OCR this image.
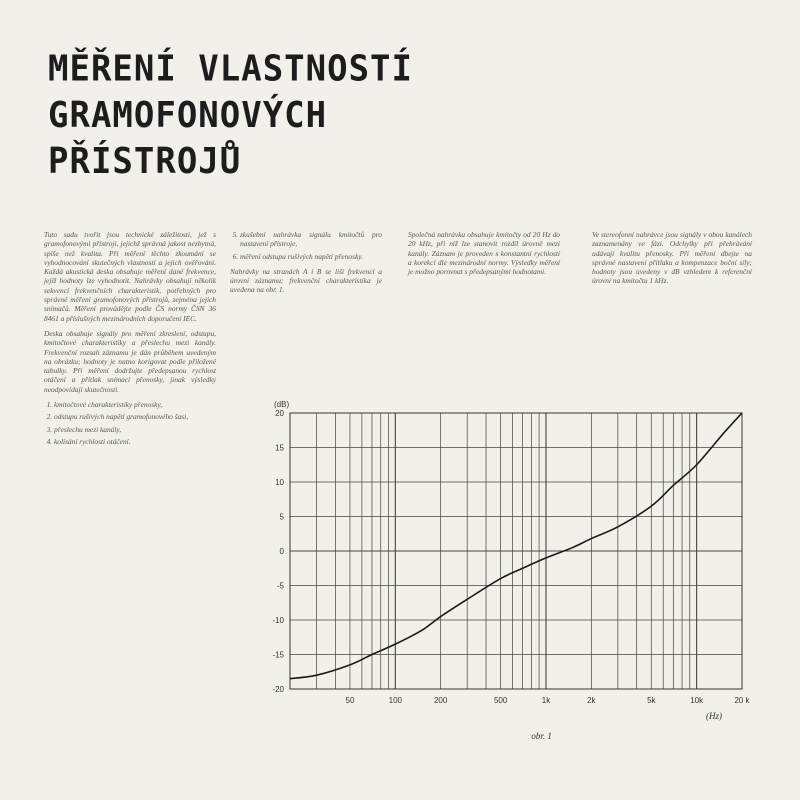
MĚŘENÍ VLASTNOSTÍ
GRAMOFONOVÝCH
PŘÍSTROJŮ

Tuto sadu tvořit jsou technické záležitosti, jež s gramofonovými přístroji, jejichž správná jakost nezbytná, spíše než kvalita. Při měření těchto zkoumání se vyhodnocování skutečných vlastností a jejich ověřování. Každá akustická deska obsahuje měření dané frekvence, jejíž hodnoty lze vyhodnotit. Nahrávky obsahují několik sekvencí frekvenčních charakteristik, potřebných pro správné měření gramofonových přístrojů, zejména jejich snímačů. Měření provádějte podle ČS normy ČSN 36 8461 a příslušných mezinárodních doporučení IEC.

Deska obsahuje signály pro měření zkreslení, odstupu, kmitočtové charakteristiky a přeslechu mezi kanály. Frekvenční rozsah záznamu je dán průběhem uvedeným na obrázku; hodnoty je nutno korigovat podle přiložené tabulky. Při měření dodržujte předepsanou rychlost otáčení a přítlak snímací přenosky, jinak výsledky neodpovídají skutečnosti.

1. kmitočtové charakteristiky přenosky,
2. odstupu rušivých napětí gramofonového šasi,
3. přeslechu mezi kanály,
4. kolísání rychlosti otáčení.
5. zkušební nahrávka signálu kmitočtů pro nastavení přístroje,
6. měření odstupu rušivých napětí přenosky.

Nahrávky na stranách A i B se liší frekvencí a úrovní záznamu; frekvenční charakteristika je uvedena na obr. 1.

Společná nahrávka obsahuje kmitočty od 20 Hz do 20 kHz, při níž lze stanovit rozdíl úrovně mezi kanály. Záznam je proveden s konstantní rychlostí a korekcí dle mezinárodní normy. Výsledky měření je možno porovnat s předepsanými hodnotami.

Ve stereofonní nahrávce jsou signály v obou kanálech zaznamenány ve fázi. Odchylky při přehrávání udávají kvalitu přenosky. Při měření dbejte na správné nastavení přítlaku a kompenzace boční síly; hodnoty jsou uvedeny v dB vzhledem k referenční úrovni na kmitočtu 1 kHz.

20
15
10
5
0
-5
-10
-15
-20
50	100	200	500	1k	2k	5k	10k	20 k
(dB)
(Hz)
obr. 1
